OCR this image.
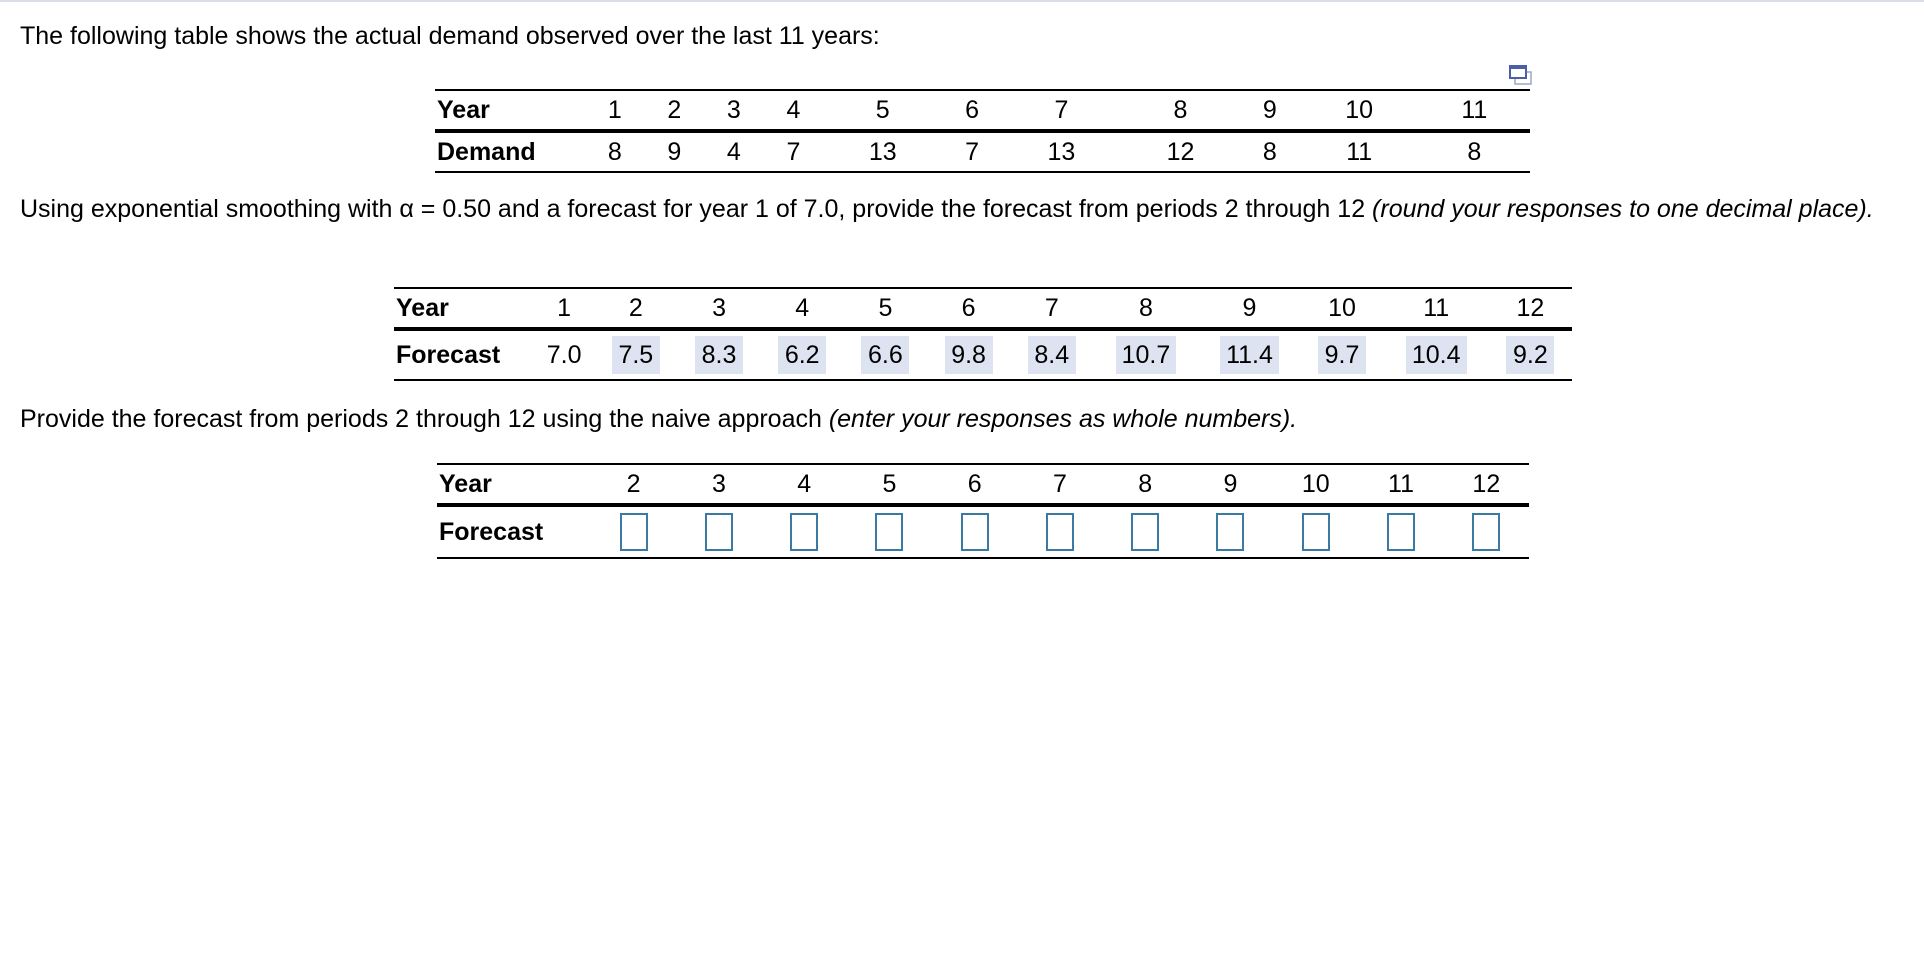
The following table shows the actual demand observed over the last 11 years:

Year	1	2	3	4	5	6	7	8	9	10	11
Demand	8	9	4	7	13	7	13	12	8	11	8

Using exponential smoothing with α = 0.50 and a forecast for year 1 of 7.0, provide the forecast from periods 2 through 12 (round your responses to one decimal place).

Year	1	2	3	4	5	6	7	8	9	10	11	12
Forecast	7.0	7.5	8.3	6.2	6.6	9.8	8.4	10.7	11.4	9.7	10.4	9.2

Provide the forecast from periods 2 through 12 using the naive approach (enter your responses as whole numbers).

Year	2	3	4	5	6	7	8	9	10	11	12
Forecast											
